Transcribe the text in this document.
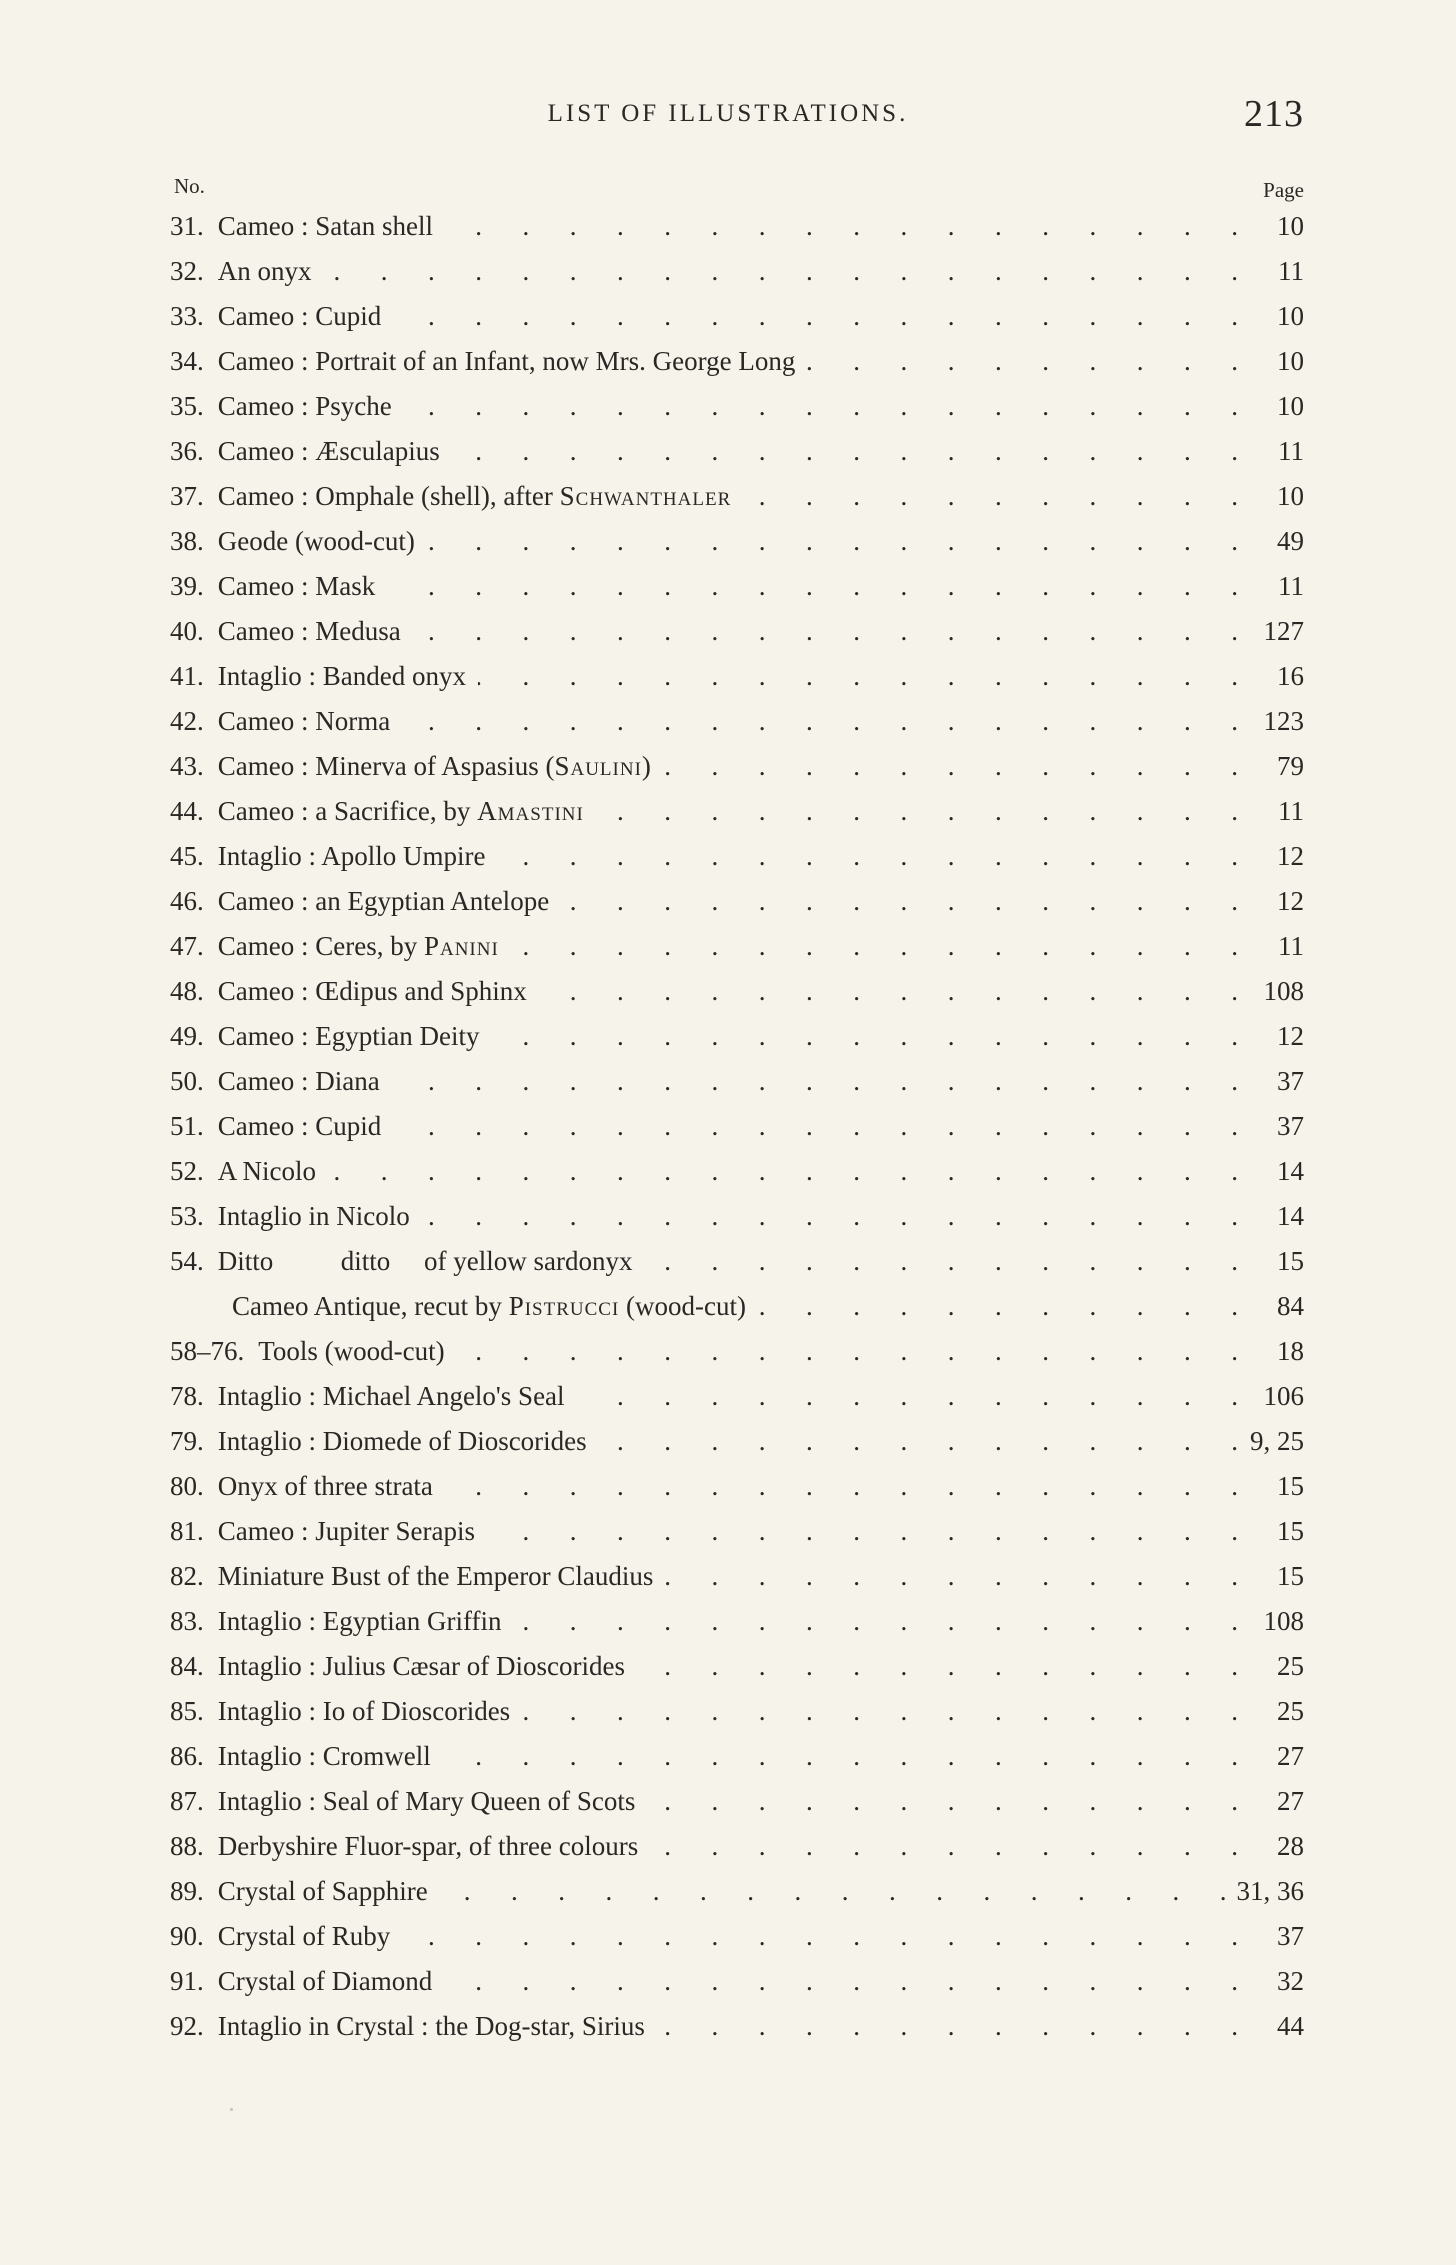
LIST OF ILLUSTRATIONS.	213
No.	Page
31. Cameo : Satan shell .	10
32. An onyx .	11
33. Cameo : Cupid .	10
34. Cameo : Portrait of an Infant, now Mrs. George Long .	10
35. Cameo : Psyche .	10
36. Cameo : Æsculapius .	11
37. Cameo : Omphale (shell), after Schwanthaler .	10
38. Geode (wood-cut) .	49
39. Cameo : Mask .	11
40. Cameo : Medusa .	127
41. Intaglio : Banded onyx .	16
42. Cameo : Norma .	123
43. Cameo : Minerva of Aspasius (Saulini) .	79
44. Cameo : a Sacrifice, by Amastini .	11
45. Intaglio : Apollo Umpire .	12
46. Cameo : an Egyptian Antelope .	12
47. Cameo : Ceres, by Panini .	11
48. Cameo : Œdipus and Sphinx .	108
49. Cameo : Egyptian Deity .	12
50. Cameo : Diana .	37
51. Cameo : Cupid .	37
52. A Nicolo .	14
53. Intaglio in Nicolo .	14
54. Ditto          ditto     of yellow sardonyx .	15
Cameo Antique, recut by Pistrucci (wood-cut) .	84
58–76. Tools (wood-cut) .	18
78. Intaglio : Michael Angelo's Seal .	106
79. Intaglio : Diomede of Dioscorides .	9, 25
80. Onyx of three strata .	15
81. Cameo : Jupiter Serapis .	15
82. Miniature Bust of the Emperor Claudius .	15
83. Intaglio : Egyptian Griffin .	108
84. Intaglio : Julius Cæsar of Dioscorides .	25
85. Intaglio : Io of Dioscorides .	25
86. Intaglio : Cromwell .	27
87. Intaglio : Seal of Mary Queen of Scots .	27
88. Derbyshire Fluor-spar, of three colours .	28
89. Crystal of Sapphire .	31, 36
90. Crystal of Ruby .	37
91. Crystal of Diamond .	32
92. Intaglio in Crystal : the Dog-star, Sirius .	44
